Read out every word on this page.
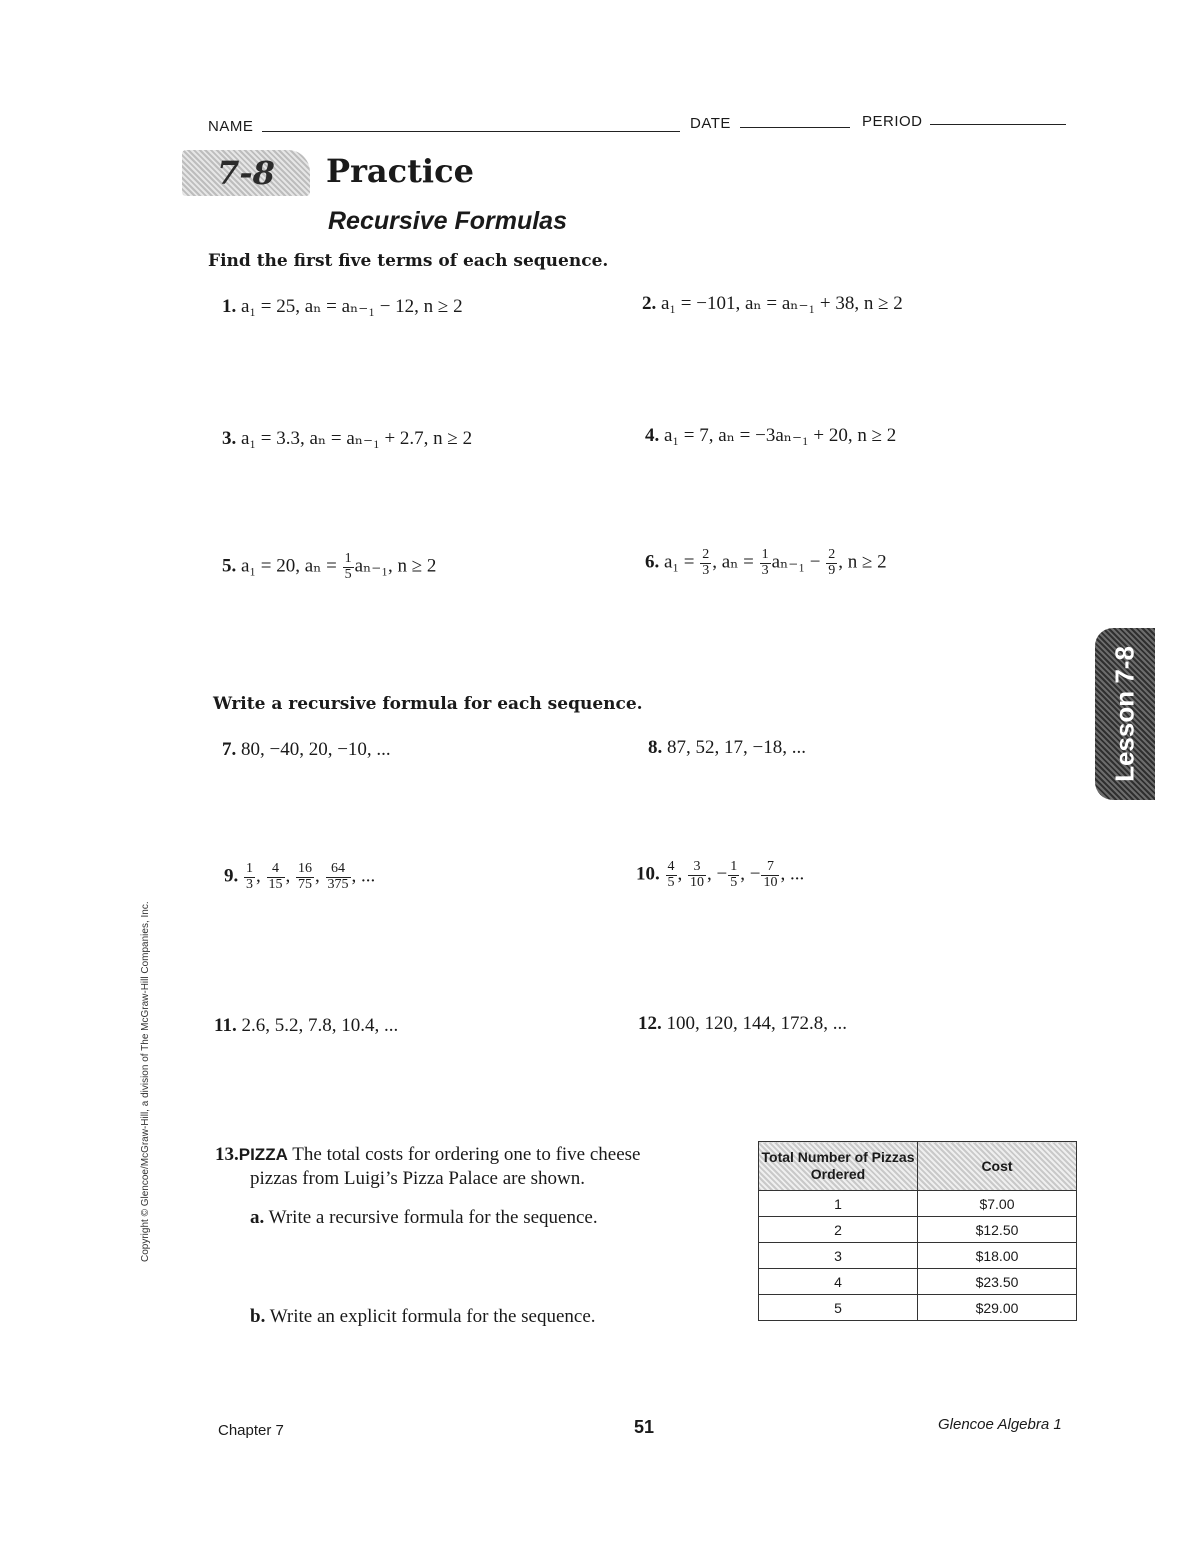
NAME	DATE	PERIOD
7-8 Practice
Recursive Formulas
Find the first five terms of each sequence.
1. a₁ = 25, aₙ = aₙ₋₁ − 12, n ≥ 2	2. a₁ = −101, aₙ = aₙ₋₁ + 38, n ≥ 2
3. a₁ = 3.3, aₙ = aₙ₋₁ + 2.7, n ≥ 2	4. a₁ = 7, aₙ = −3aₙ₋₁ + 20, n ≥ 2
5. a₁ = 20, $a_n = \frac{1}{5} a_{n-1}$, n ≥ 2	6. $a_1 = \frac{2}{3}$ , $a_n = \frac{1}{3} a_{n-1} - \frac{2}{9}$ , n ≥ 2
Write a recursive formula for each sequence.
7. 80, −40, 20, −10, ...	8. 87, 52, 17, −18, ...
9. $\frac{1}{3}$ , $\frac{4}{15}$ , $\frac{16}{75}$ , $\frac{64}{375}$ , ...	10. $\frac{4}{5}$ , $\frac{3}{10}$ , − $\frac{1}{5}$ , − $\frac{7}{10}$ , ...
11. 2.6, 5.2, 7.8, 10.4, ...	12. 100, 120, 144, 172.8, ...
13.PIZZA The total costs for ordering one to five cheese
pizzas from Luigi’s Pizza Palace are shown.
a. Write a recursive formula for the sequence.
b. Write an explicit formula for the sequence.
Total Number of Pizzas Ordered	Cost
1	$7.00
2	$12.50
3	$18.00
4	$23.50
5	$29.00
Lesson 7-8
Copyright © Glencoe/McGraw-Hill, a division of The McGraw-Hill Companies, Inc.
Chapter 7	51	Glencoe Algebra 1
